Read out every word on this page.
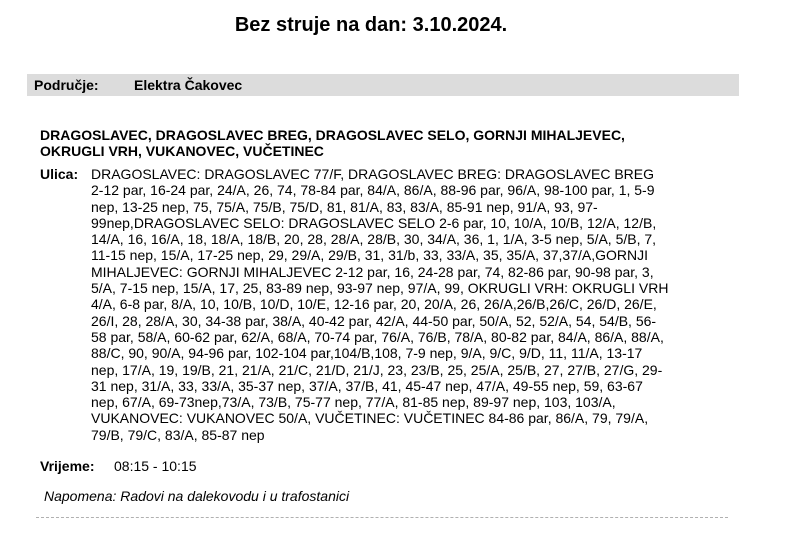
Bez struje na dan: 3.10.2024.
Područje:	Elektra Čakovec
DRAGOSLAVEC, DRAGOSLAVEC BREG, DRAGOSLAVEC SELO, GORNJI MIHALJEVEC, OKRUGLI VRH, VUKANOVEC, VUČETINEC
Ulica: DRAGOSLAVEC: DRAGOSLAVEC 77/F, DRAGOSLAVEC BREG: DRAGOSLAVEC BREG
2-12 par, 16-24 par, 24/A, 26, 74, 78-84 par, 84/A, 86/A, 88-96 par, 96/A, 98-100 par, 1, 5-9
nep, 13-25 nep, 75, 75/A, 75/B, 75/D, 81, 81/A, 83, 83/A, 85-91 nep, 91/A, 93, 97-
99nep,DRAGOSLAVEC SELO: DRAGOSLAVEC SELO 2-6 par, 10, 10/A, 10/B, 12/A, 12/B,
14/A, 16, 16/A, 18, 18/A, 18/B, 20, 28, 28/A, 28/B, 30, 34/A, 36, 1, 1/A, 3-5 nep, 5/A, 5/B, 7,
11-15 nep, 15/A, 17-25 nep, 29, 29/A, 29/B, 31, 31/b, 33, 33/A, 35, 35/A, 37,37/A,GORNJI
MIHALJEVEC: GORNJI MIHALJEVEC 2-12 par, 16, 24-28 par, 74, 82-86 par, 90-98 par, 3,
5/A, 7-15 nep, 15/A, 17, 25, 83-89 nep, 93-97 nep, 97/A, 99, OKRUGLI VRH: OKRUGLI VRH
4/A, 6-8 par, 8/A, 10, 10/B, 10/D, 10/E, 12-16 par, 20, 20/A, 26, 26/A,26/B,26/C, 26/D, 26/E,
26/I, 28, 28/A, 30, 34-38 par, 38/A, 40-42 par, 42/A, 44-50 par, 50/A, 52, 52/A, 54, 54/B, 56-
58 par, 58/A, 60-62 par, 62/A, 68/A, 70-74 par, 76/A, 76/B, 78/A, 80-82 par, 84/A, 86/A, 88/A,
88/C, 90, 90/A, 94-96 par, 102-104 par,104/B,108, 7-9 nep, 9/A, 9/C, 9/D, 11, 11/A, 13-17
nep, 17/A, 19, 19/B, 21, 21/A, 21/C, 21/D, 21/J, 23, 23/B, 25, 25/A, 25/B, 27, 27/B, 27/G, 29-
31 nep, 31/A, 33, 33/A, 35-37 nep, 37/A, 37/B, 41, 45-47 nep, 47/A, 49-55 nep, 59, 63-67
nep, 67/A, 69-73nep,73/A, 73/B, 75-77 nep, 77/A, 81-85 nep, 89-97 nep, 103, 103/A,
VUKANOVEC: VUKANOVEC 50/A, VUČETINEC: VUČETINEC 84-86 par, 86/A, 79, 79/A,
79/B, 79/C, 83/A, 85-87 nep
Vrijeme: 08:15 - 10:15
Napomena: Radovi na dalekovodu i u trafostanici
